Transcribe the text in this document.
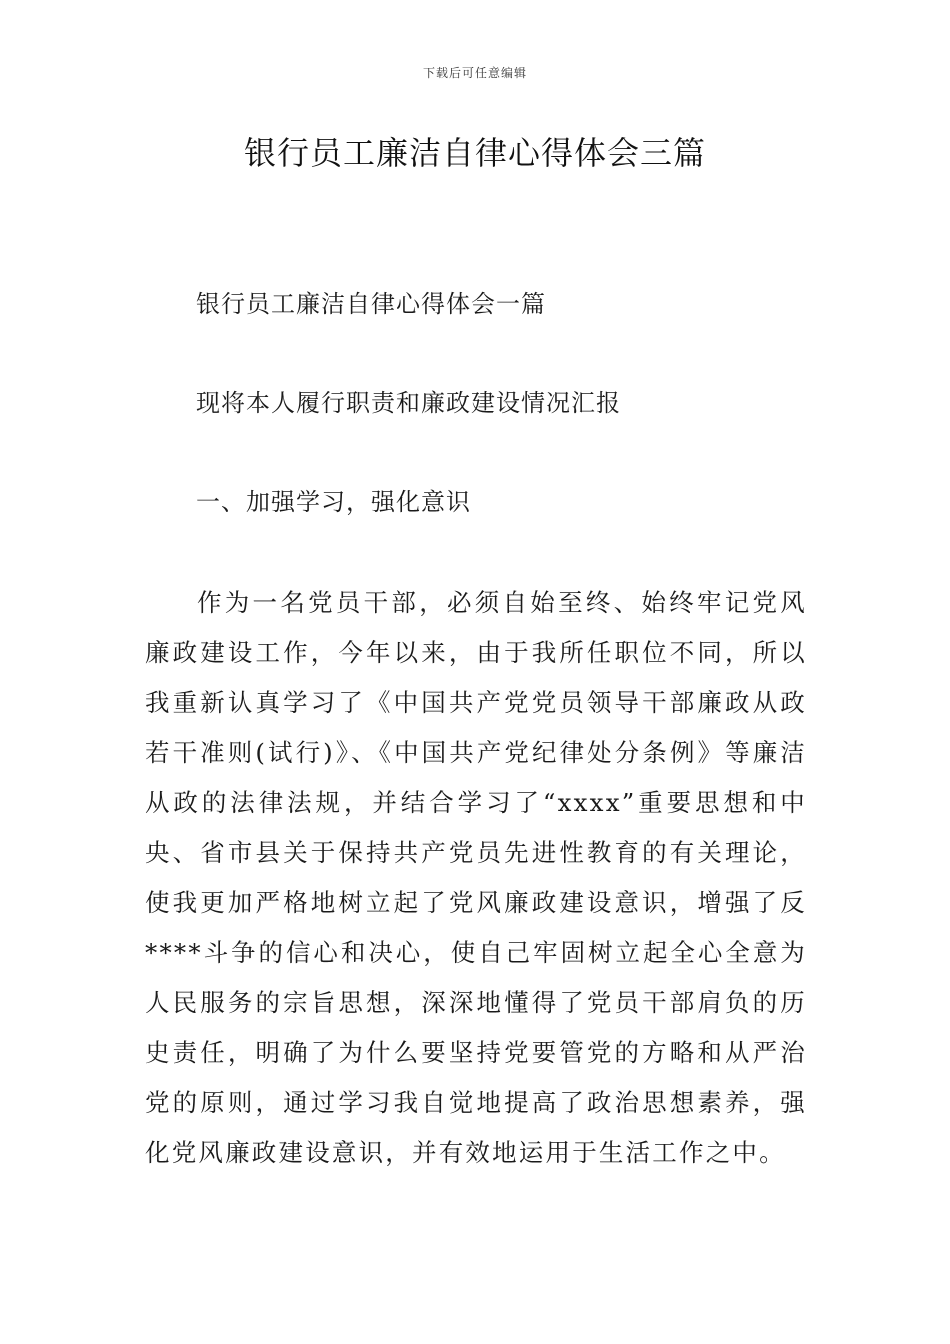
下载后可任意编辑
银行员工廉洁自律心得体会三篇
银行员工廉洁自律心得体会一篇
现将本人履行职责和廉政建设情况汇报
一、加强学习，强化意识

作为一名党员干部，必须自始至终、始终牢记党风廉政建设工作，今年以来，由于我所任职位不同，所以我重新认真学习了《中国共产党党员领导干部廉政从政若干准则(试行)》、《中国共产党纪律处分条例》等廉洁从政的法律法规，并结合学习了“xxxx”重要思想和中央、省市县关于保持共产党员先进性教育的有关理论，使我更加严格地树立起了党风廉政建设意识，增强了反****斗争的信心和决心，使自己牢固树立起全心全意为人民服务的宗旨思想，深深地懂得了党员干部肩负的历史责任，明确了为什么要坚持党要管党的方略和从严治党的原则，通过学习我自觉地提高了政治思想素养，强化党风廉政建设意识，并有效地运用于生活工作之中。
